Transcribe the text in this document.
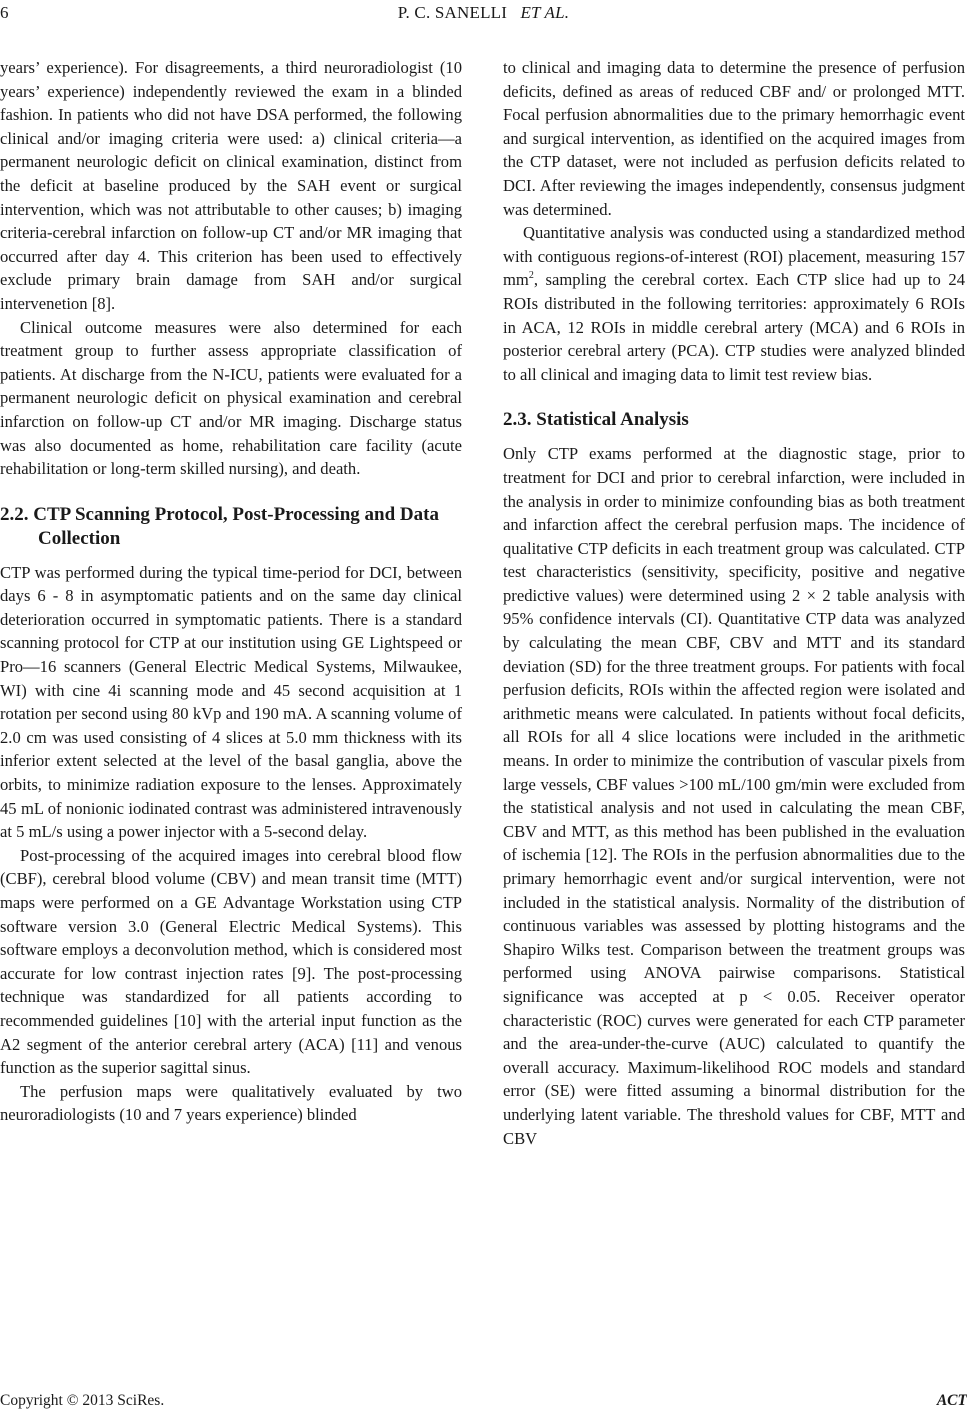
6	P. C. SANELLI ET AL.

years’ experience). For disagreements, a third neuroradiologist (10 years’ experience) independently reviewed the exam in a blinded fashion. In patients who did not have DSA performed, the following clinical and/or imaging criteria were used: a) clinical criteria—a permanent neurologic deficit on clinical examination, distinct from the deficit at baseline produced by the SAH event or surgical intervention, which was not attributable to other causes; b) imaging criteria-cerebral infarction on follow-up CT and/or MR imaging that occurred after day 4. This criterion has been used to effectively exclude primary brain damage from SAH and/or surgical intervenetion [8].

Clinical outcome measures were also determined for each treatment group to further assess appropriate classification of patients. At discharge from the N-ICU, patients were evaluated for a permanent neurologic deficit on physical examination and cerebral infarction on follow-up CT and/or MR imaging. Discharge status was also documented as home, rehabilitation care facility (acute rehabilitation or long-term skilled nursing), and death.

2.2. CTP Scanning Protocol, Post-Processing and Data Collection

CTP was performed during the typical time-period for DCI, between days 6 - 8 in asymptomatic patients and on the same day clinical deterioration occurred in symptomatic patients. There is a standard scanning protocol for CTP at our institution using GE Lightspeed or Pro—16 scanners (General Electric Medical Systems, Milwaukee, WI) with cine 4i scanning mode and 45 second acquisition at 1 rotation per second using 80 kVp and 190 mA. A scanning volume of 2.0 cm was used consisting of 4 slices at 5.0 mm thickness with its inferior extent selected at the level of the basal ganglia, above the orbits, to minimize radiation exposure to the lenses. Approximately 45 mL of nonionic iodinated contrast was administered intravenously at 5 mL/s using a power injector with a 5-second delay.

Post-processing of the acquired images into cerebral blood flow (CBF), cerebral blood volume (CBV) and mean transit time (MTT) maps were performed on a GE Advantage Workstation using CTP software version 3.0 (General Electric Medical Systems). This software employs a deconvolution method, which is considered most accurate for low contrast injection rates [9]. The post-processing technique was standardized for all patients according to recommended guidelines [10] with the arterial input function as the A2 segment of the anterior cerebral artery (ACA) [11] and venous function as the superior sagittal sinus.

The perfusion maps were qualitatively evaluated by two neuroradiologists (10 and 7 years experience) blinded

to clinical and imaging data to determine the presence of perfusion deficits, defined as areas of reduced CBF and/ or prolonged MTT. Focal perfusion abnormalities due to the primary hemorrhagic event and surgical intervention, as identified on the acquired images from the CTP dataset, were not included as perfusion deficits related to DCI. After reviewing the images independently, consensus judgment was determined.

Quantitative analysis was conducted using a standardized method with contiguous regions-of-interest (ROI) placement, measuring 157 $mm^2$, sampling the cerebral cortex. Each CTP slice had up to 24 ROIs distributed in the following territories: approximately 6 ROIs in ACA, 12 ROIs in middle cerebral artery (MCA) and 6 ROIs in posterior cerebral artery (PCA). CTP studies were analyzed blinded to all clinical and imaging data to limit test review bias.

2.3. Statistical Analysis

Only CTP exams performed at the diagnostic stage, prior to treatment for DCI and prior to cerebral infarction, were included in the analysis in order to minimize confounding bias as both treatment and infarction affect the cerebral perfusion maps. The incidence of qualitative CTP deficits in each treatment group was calculated. CTP test characteristics (sensitivity, specificity, positive and negative predictive values) were determined using 2 × 2 table analysis with 95% confidence intervals (CI). Quantitative CTP data was analyzed by calculating the mean CBF, CBV and MTT and its standard deviation (SD) for the three treatment groups. For patients with focal perfusion deficits, ROIs within the affected region were isolated and arithmetic means were calculated. In patients without focal deficits, all ROIs for all 4 slice locations were included in the arithmetic means. In order to minimize the contribution of vascular pixels from large vessels, CBF values >100 mL/100 gm/min were excluded from the statistical analysis and not used in calculating the mean CBF, CBV and MTT, as this method has been published in the evaluation of ischemia [12]. The ROIs in the perfusion abnormalities due to the primary hemorrhagic event and/or surgical intervention, were not included in the statistical analysis. Normality of the distribution of continuous variables was assessed by plotting histograms and the Shapiro Wilks test. Comparison between the treatment groups was performed using ANOVA pairwise comparisons. Statistical significance was accepted at p < 0.05. Receiver operator characteristic (ROC) curves were generated for each CTP parameter and the area-under-the-curve (AUC) calculated to quantify the overall accuracy. Maximum-likelihood ROC models and standard error (SE) were fitted assuming a binormal distribution for the underlying latent variable. The threshold values for CBF, MTT and CBV

Copyright © 2013 SciRes.	ACT
